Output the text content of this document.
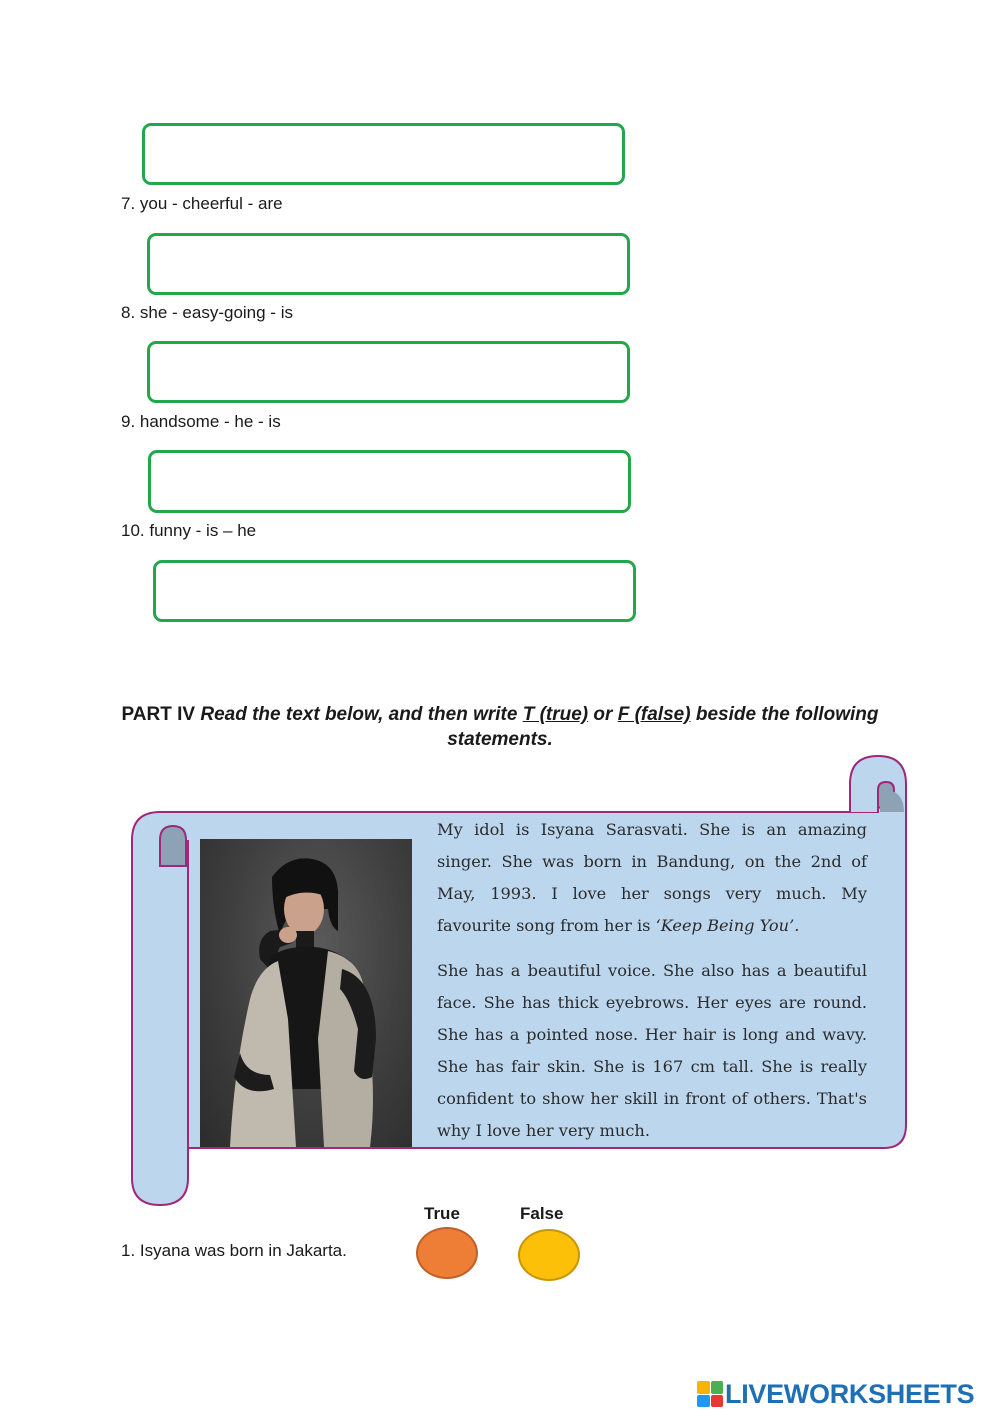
7. you - cheerful - are
8. she - easy-going - is
9. handsome - he - is
10. funny - is – he
PART IV Read the text below, and then write T (true) or F (false) beside the following statements.

My idol is Isyana Sarasvati. She is an amazing singer. She was born in Bandung, on the 2nd of May, 1993. I love her songs very much. My favourite song from her is ‘Keep Being You’.

She has a beautiful voice. She also has a beautiful face. She has thick eyebrows. Her eyes are round. She has a pointed nose. Her hair is long and wavy. She has fair skin. She is 167 cm tall. She is really confident to show her skill in front of others. That's why I love her very much.

True	False
1. Isyana was born in Jakarta.
LIVEWORKSHEETS
